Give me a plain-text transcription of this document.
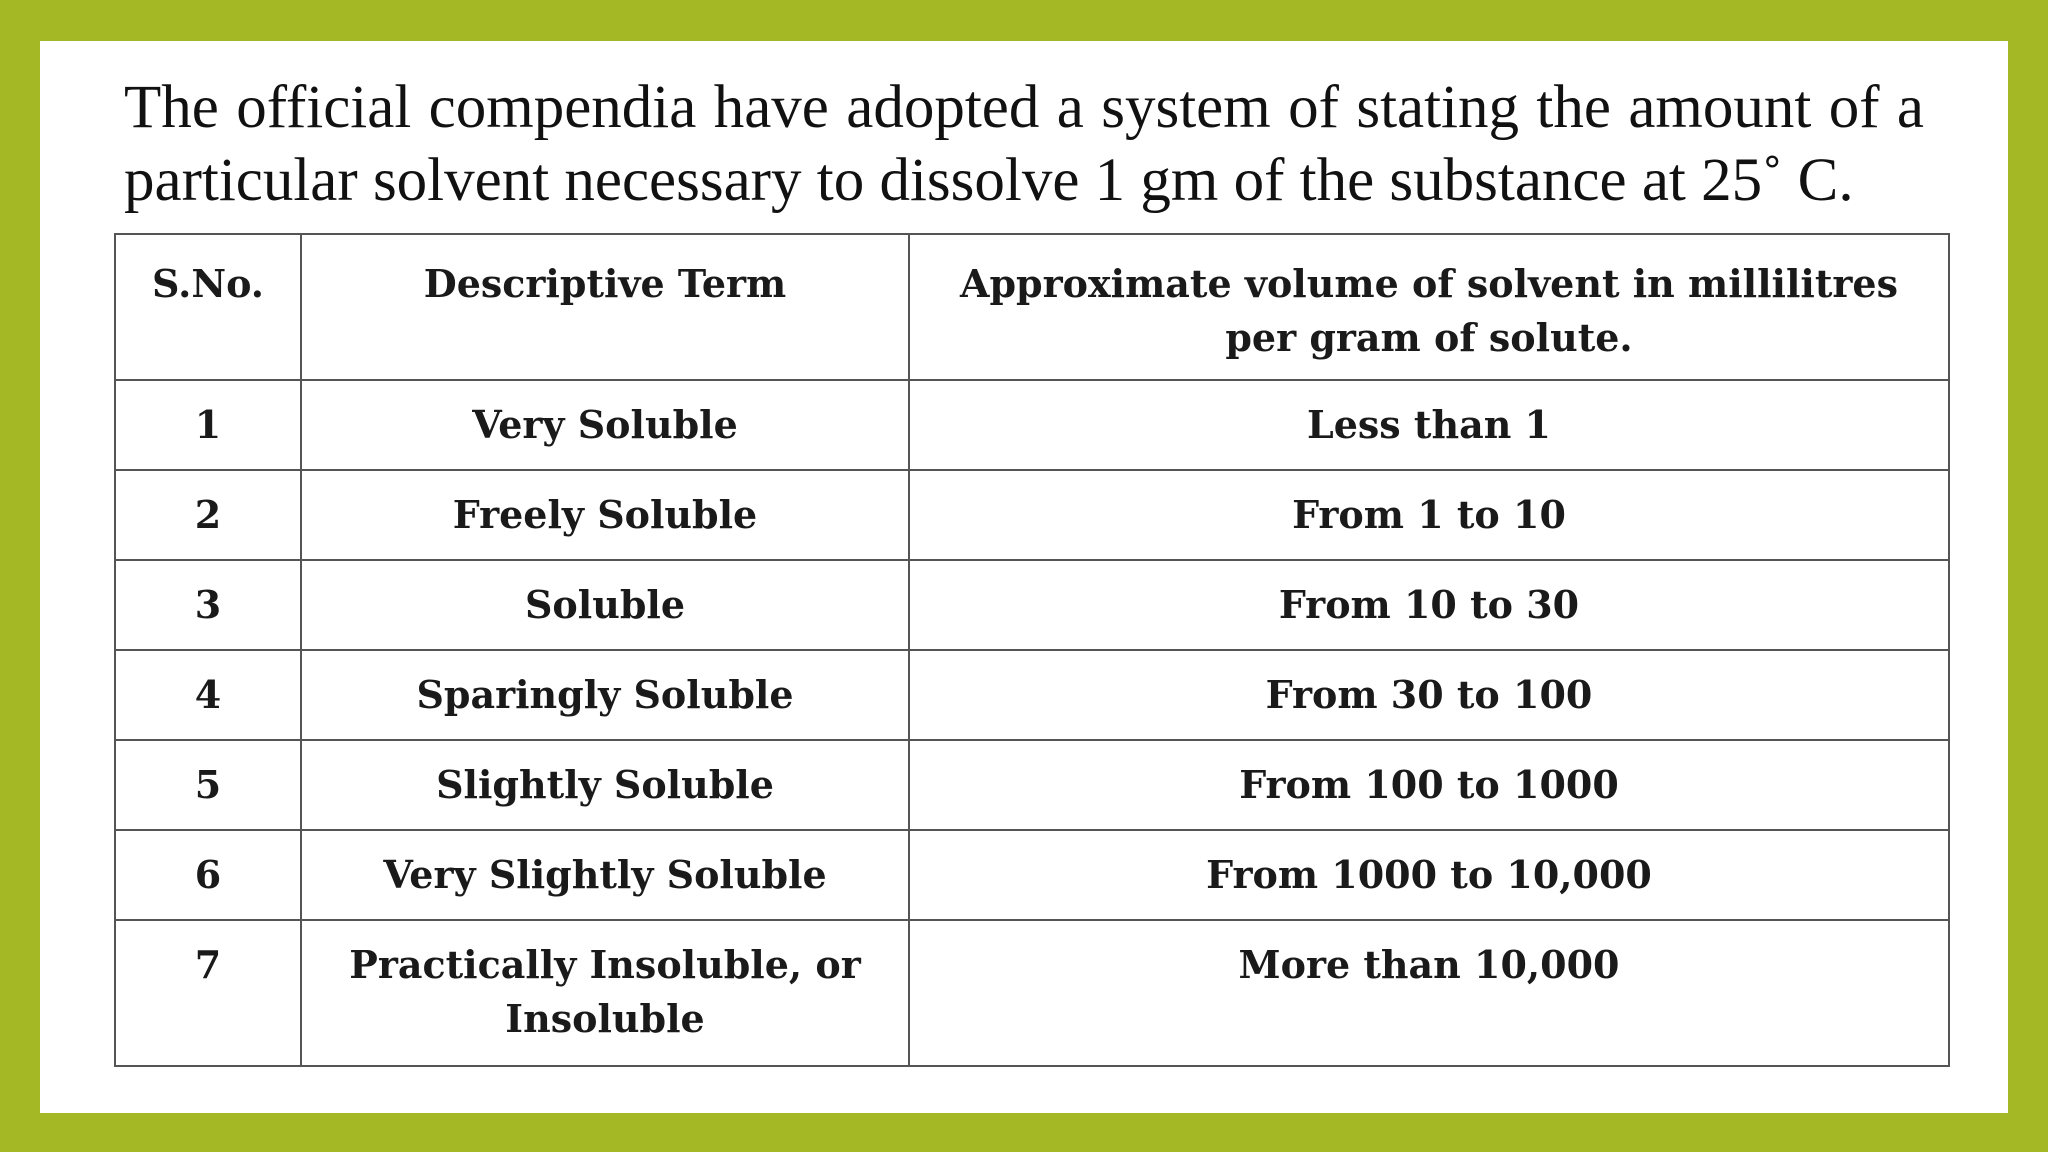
The official compendia have adopted a system of stating the amount of a particular solvent necessary to dissolve 1 gm of the substance at 25˚ C.

S.No.	Descriptive Term	Approximate volume of solvent in millilitres per gram of solute.
1	Very Soluble	Less than 1
2	Freely Soluble	From 1 to 10
3	Soluble	From 10 to 30
4	Sparingly Soluble	From 30 to 100
5	Slightly Soluble	From 100 to 1000
6	Very Slightly Soluble	From 1000 to 10,000
7	Practically Insoluble, or Insoluble	More than 10,000
